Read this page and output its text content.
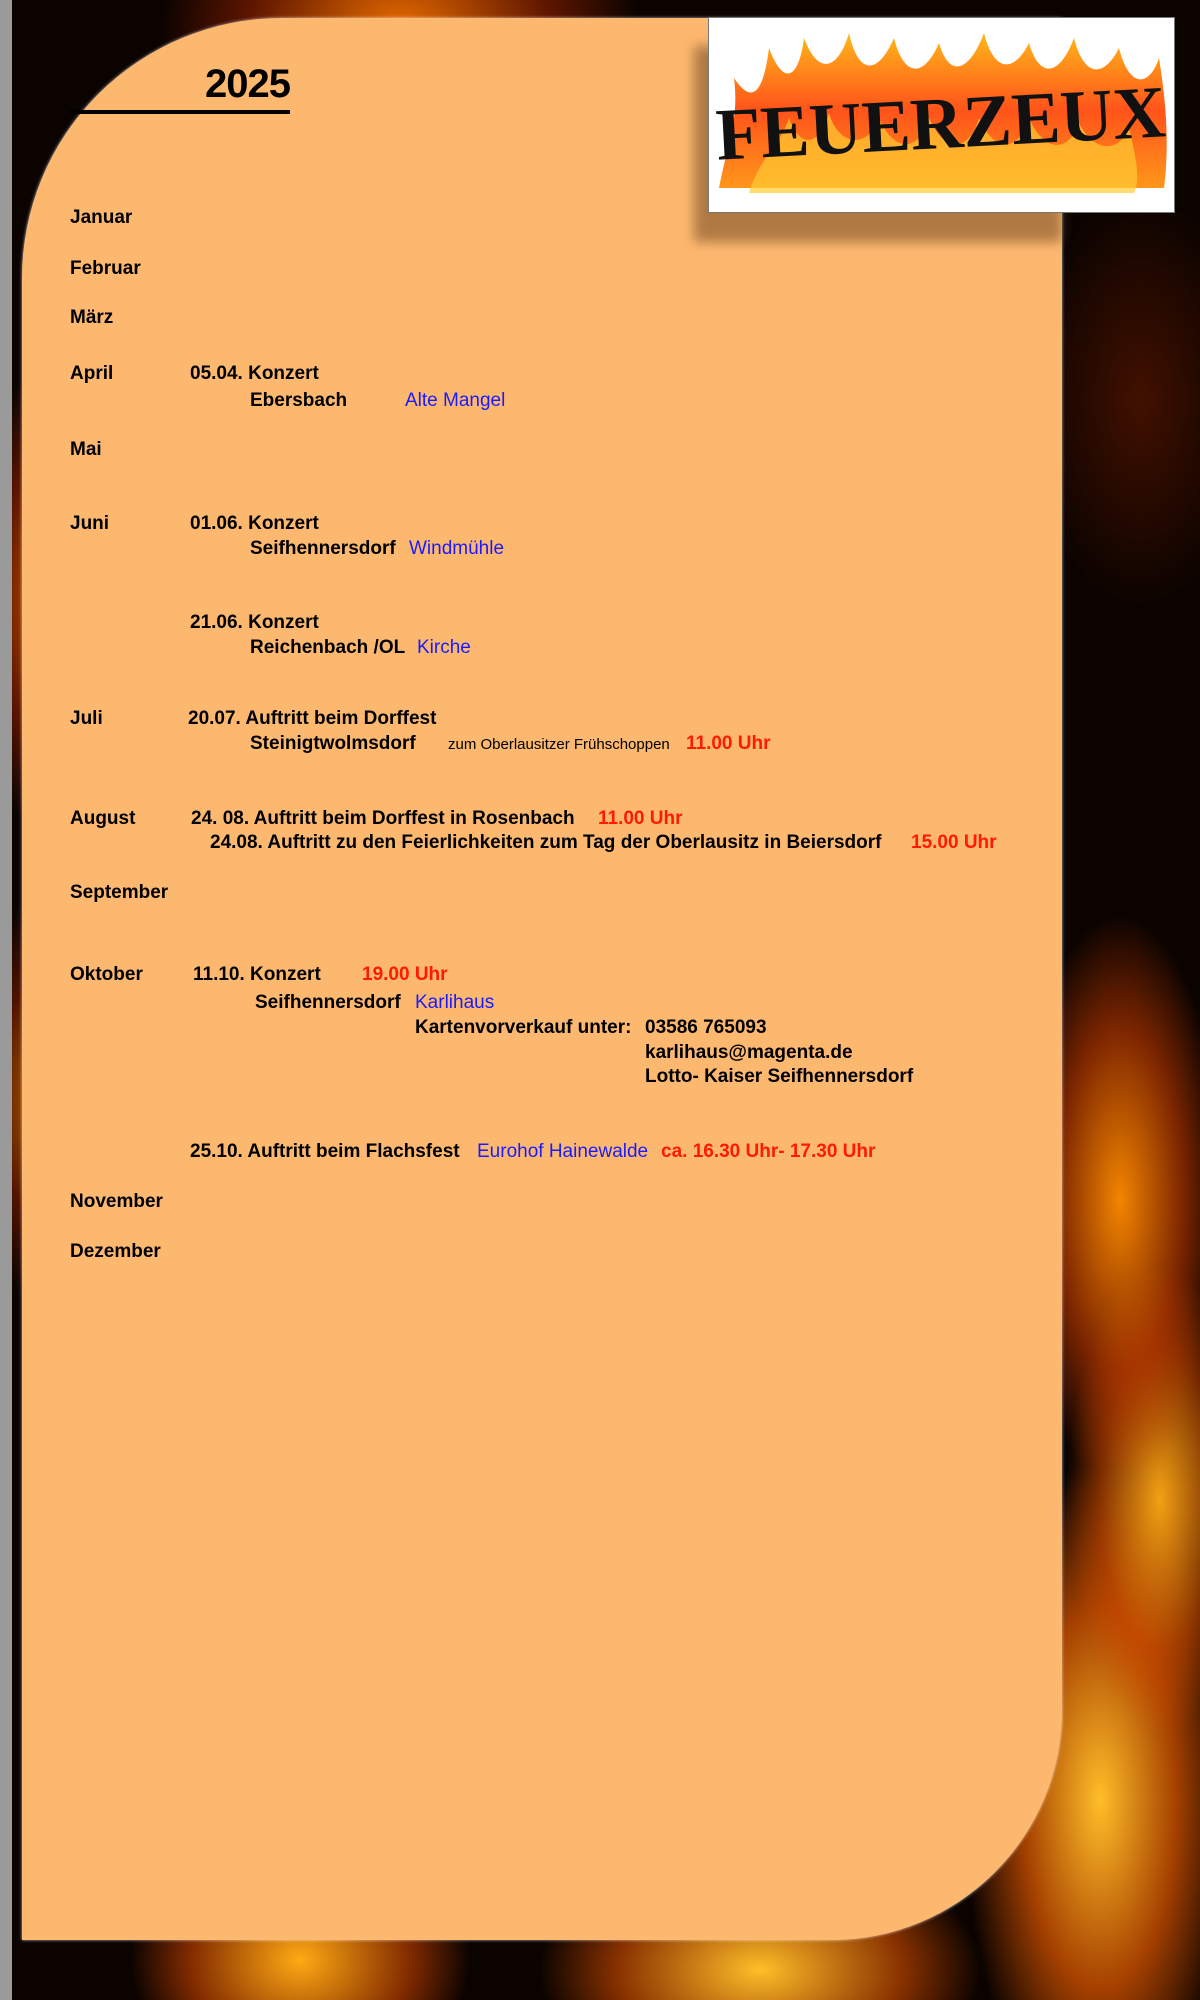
FEUERZEUX
2025
Januar
Februar
März
April
Mai
Juni
Juli
August
September
Oktober
November
Dezember
05.04. Konzert
Ebersbach	Alte Mangel
01.06. Konzert
Seifhennersdorf Windmühle
21.06. Konzert
Reichenbach /OL Kirche
20.07. Auftritt beim Dorffest
Steinigtwolmsdorf zum Oberlausitzer Frühschoppen 11.00 Uhr
24. 08. Auftritt beim Dorffest in Rosenbach 11.00 Uhr
24.08. Auftritt zu den Feierlichkeiten zum Tag der Oberlausitz in Beiersdorf 15.00 Uhr
11.10. Konzert 19.00 Uhr
Seifhennersdorf Karlihaus
Kartenvorverkauf unter: 03586 765093
karlihaus@magenta.de
Lotto- Kaiser Seifhennersdorf
25.10. Auftritt beim Flachsfest Eurohof Hainewalde ca. 16.30 Uhr- 17.30 Uhr
